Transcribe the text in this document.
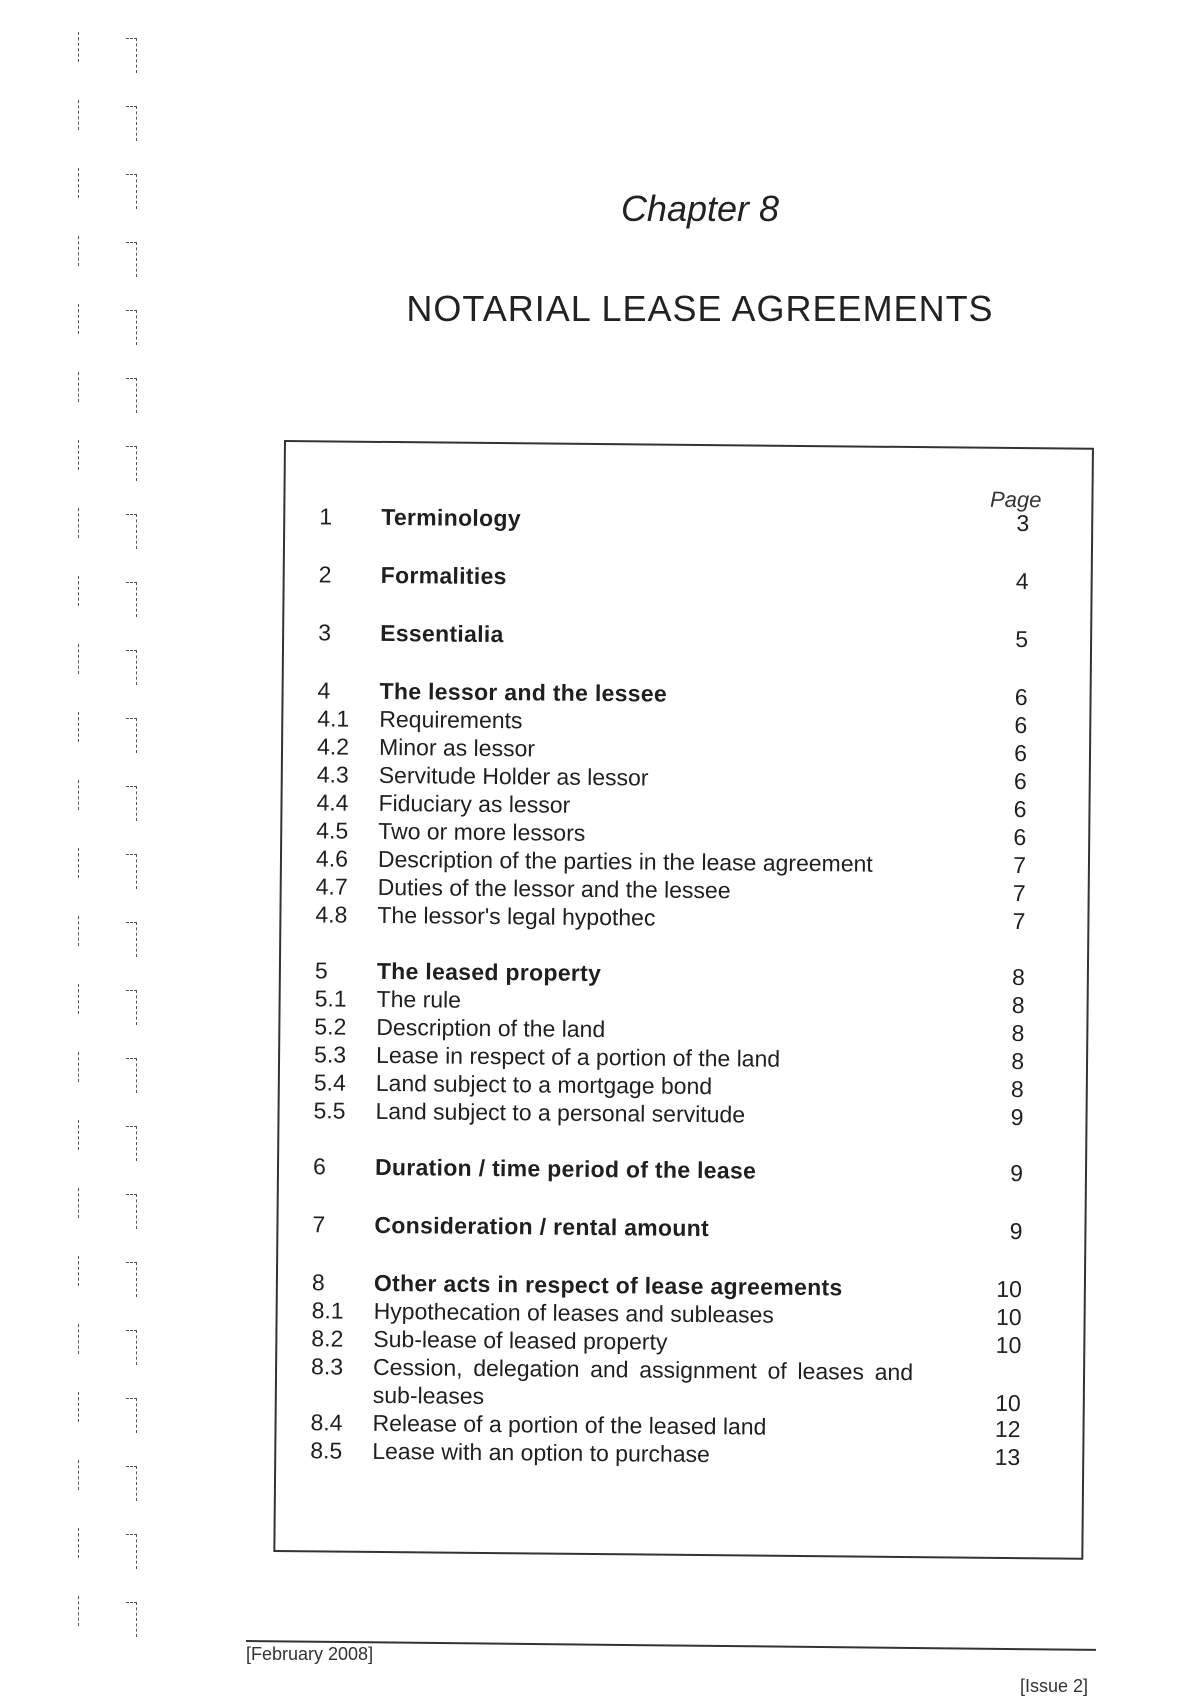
Chapter 8
NOTARIAL LEASE AGREEMENTS
Page
1	Terminology	3
2	Formalities	4
3	Essentialia	5
4	The lessor and the lessee	6
4.1	Requirements	6
4.2	Minor as lessor	6
4.3	Servitude Holder as lessor	6
4.4	Fiduciary as lessor	6
4.5	Two or more lessors	6
4.6	Description of the parties in the lease agreement	7
4.7	Duties of the lessor and the lessee	7
4.8	The lessor's legal hypothec	7
5	The leased property	8
5.1	The rule	8
5.2	Description of the land	8
5.3	Lease in respect of a portion of the land	8
5.4	Land subject to a mortgage bond	8
5.5	Land subject to a personal servitude	9
6	Duration / time period of the lease	9
7	Consideration / rental amount	9
8	Other acts in respect of lease agreements	10
8.1	Hypothecation of leases and subleases	10
8.2	Sub-lease of leased property	10
8.3	Cession, delegation and assignment of leases and sub-leases	10
8.4	Release of a portion of the leased land	12
8.5	Lease with an option to purchase	13
[February 2008]
[Issue 2]
